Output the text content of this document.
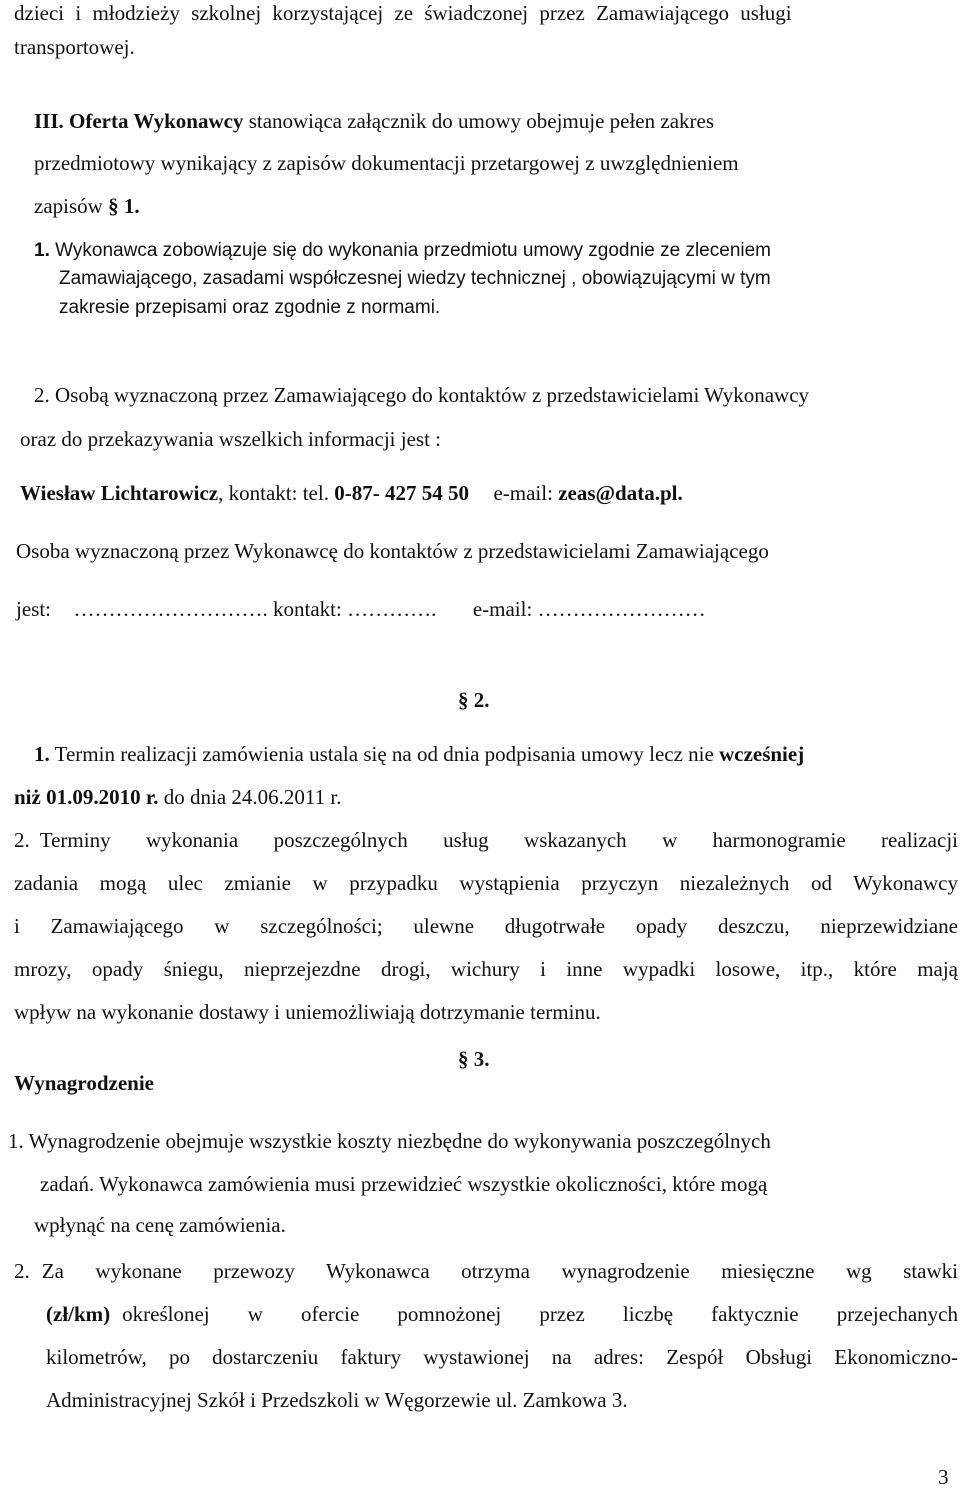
dzieci i młodzieży szkolnej korzystającej ze świadczonej przez Zamawiającego usługi
transportowej.
III. Oferta Wykonawcy stanowiąca załącznik do umowy obejmuje pełen zakres
przedmiotowy wynikający z zapisów dokumentacji przetargowej z uwzględnieniem
zapisów § 1.
1. Wykonawca zobowiązuje się do wykonania przedmiotu umowy zgodnie ze zleceniem
Zamawiającego, zasadami współczesnej wiedzy technicznej , obowiązującymi w tym
zakresie przepisami oraz zgodnie z normami.
2. Osobą wyznaczoną przez Zamawiającego do kontaktów z przedstawicielami Wykonawcy
oraz do przekazywania wszelkich informacji jest :
Wiesław Lichtarowicz, kontakt: tel. 0-87- 427 54 50 e-mail: zeas@data.pl.
Osoba wyznaczoną przez Wykonawcę do kontaktów z przedstawicielami Zamawiającego
jest: ………………………. kontakt: …………. e-mail: ……………………
§ 2.
1. Termin realizacji zamówienia ustala się na od dnia podpisania umowy lecz nie wcześniej
niż 01.09.2010 r. do dnia 24.06.2011 r.
2. Terminy wykonania poszczególnych usług wskazanych w harmonogramie realizacji
zadania mogą ulec zmianie w przypadku wystąpienia przyczyn niezależnych od Wykonawcy
i Zamawiającego w szczególności; ulewne długotrwałe opady deszczu, nieprzewidziane
mrozy, opady śniegu, nieprzejezdne drogi, wichury i inne wypadki losowe, itp., które mają
wpływ na wykonanie dostawy i uniemożliwiają dotrzymanie terminu.
§ 3.
Wynagrodzenie
1. Wynagrodzenie obejmuje wszystkie koszty niezbędne do wykonywania poszczególnych
zadań. Wykonawca zamówienia musi przewidzieć wszystkie okoliczności, które mogą
wpłynąć na cenę zamówienia.
2. Za wykonane przewozy Wykonawca otrzyma wynagrodzenie miesięczne wg stawki
(zł/km) określonej w ofercie pomnożonej przez liczbę faktycznie przejechanych
kilometrów, po dostarczeniu faktury wystawionej na adres: Zespół Obsługi Ekonomiczno-
Administracyjnej Szkół i Przedszkoli w Węgorzewie ul. Zamkowa 3.
3
